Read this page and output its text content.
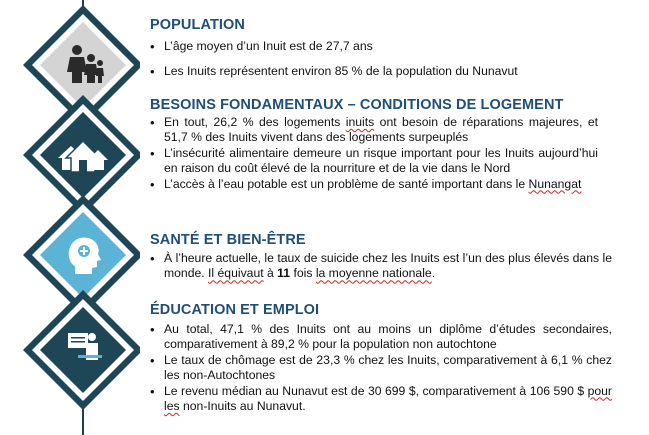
POPULATION
• L’âge moyen d’un Inuit est de 27,7 ans
• Les Inuits représentent environ 85 % de la population du Nunavut
BESOINS FONDAMENTAUX – CONDITIONS DE LOGEMENT
• En tout, 26,2 % des logements inuits ont besoin de réparations majeures, et 51,7 % des Inuits vivent dans des logements surpeuplés
• L’insécurité alimentaire demeure un risque important pour les Inuits aujourd’hui en raison du coût élevé de la nourriture et de la vie dans le Nord
• L’accès à l’eau potable est un problème de santé important dans le Nunangat
SANTÉ ET BIEN-ÊTRE
• À l’heure actuelle, le taux de suicide chez les Inuits est l’un des plus élevés dans le monde. Il équivaut à 11 fois la moyenne nationale.
ÉDUCATION ET EMPLOI
• Au total, 47,1 % des Inuits ont au moins un diplôme d’études secondaires, comparativement à 89,2 % pour la population non autochtone
• Le taux de chômage est de 23,3 % chez les Inuits, comparativement à 6,1 % chez les non-Autochtones
• Le revenu médian au Nunavut est de 30 699 $, comparativement à 106 590 $ pour les non-Inuits au Nunavut.
